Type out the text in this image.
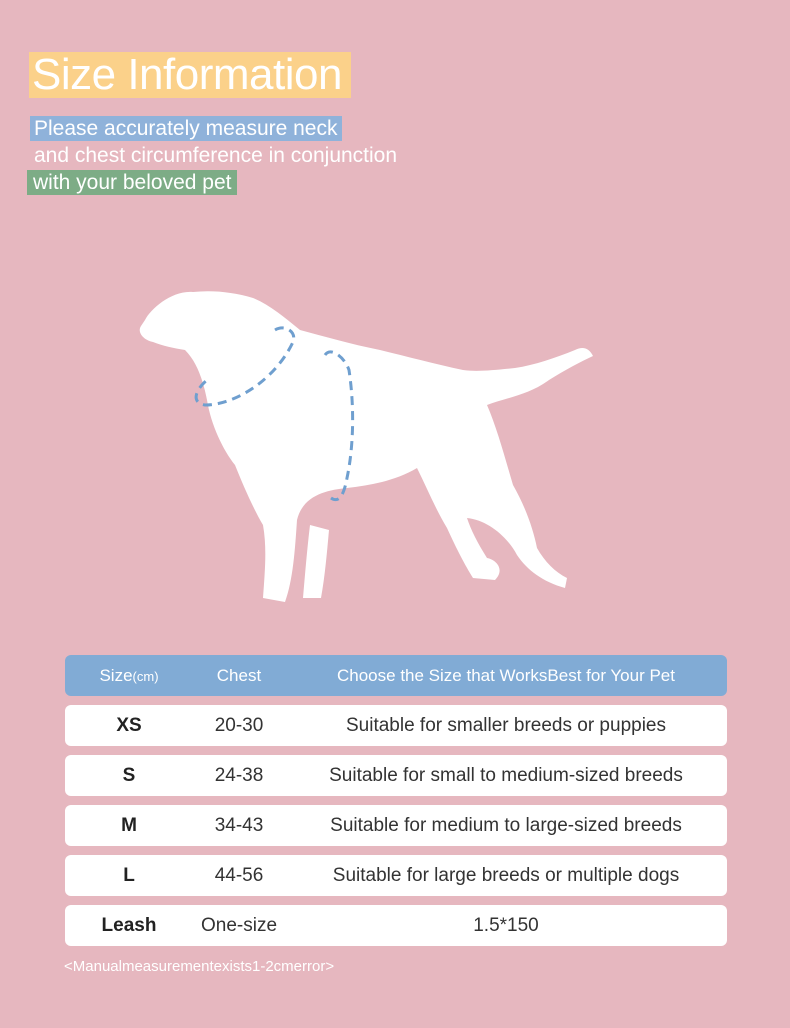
Size Information
Please accurately measure neck
and chest circumference in conjunction
with your beloved pet
Size(cm)	Chest	Choose the Size that WorksBest for Your Pet
XS	20-30	Suitable for smaller breeds or puppies
S	24-38	Suitable for small to medium-sized breeds
M	34-43	Suitable for medium to large-sized breeds
L	44-56	Suitable for large breeds or multiple dogs
Leash	One-size	1.5*150
<Manualmeasurementexists1-2cmerror>
